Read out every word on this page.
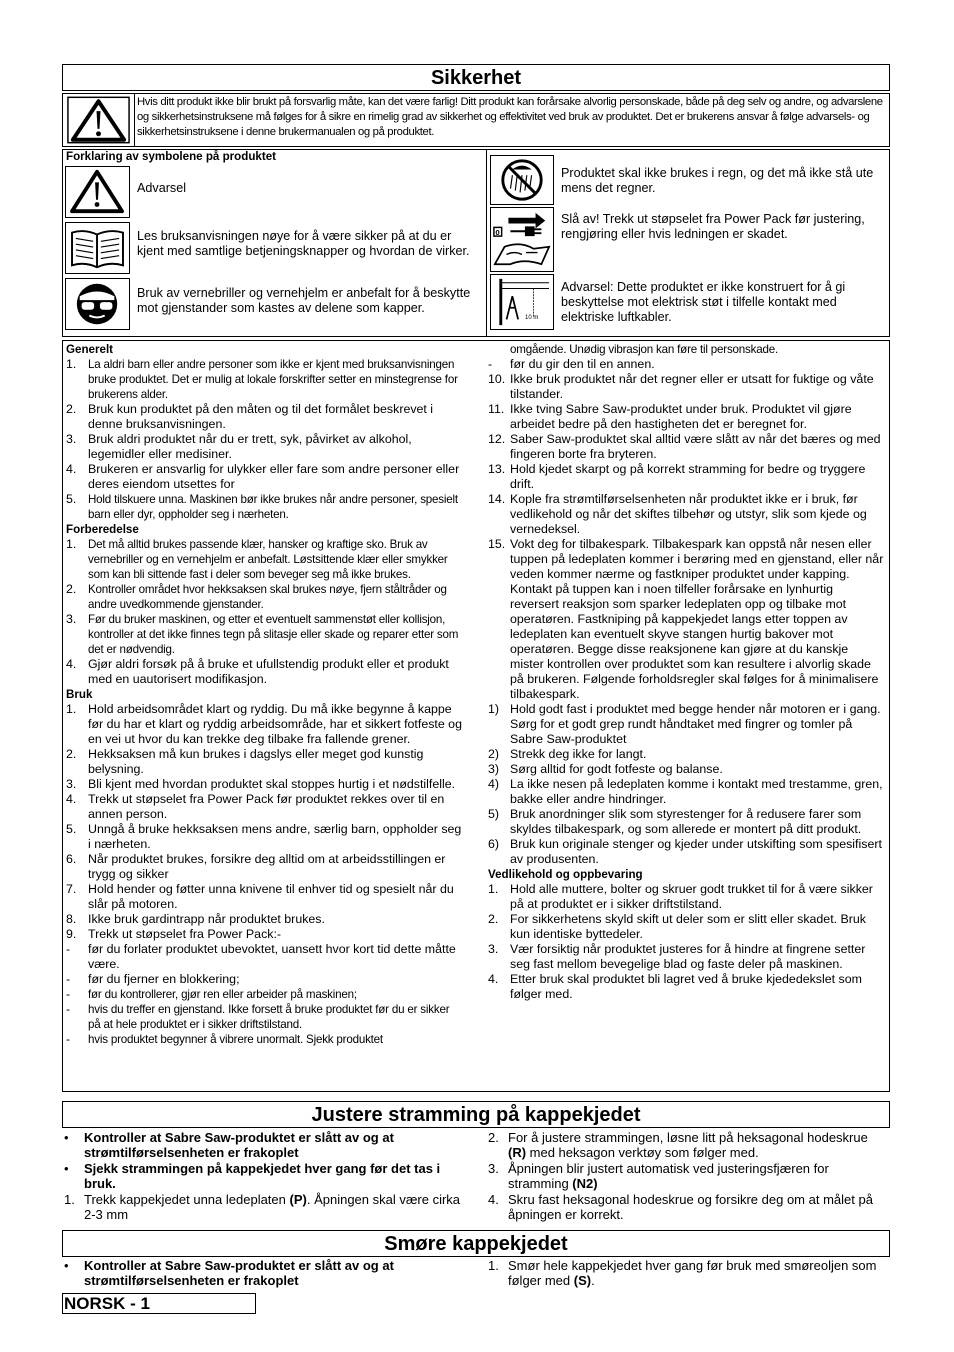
Sikkerhet
Hvis ditt produkt ikke blir brukt på forsvarlig måte, kan det være farlig! Ditt produkt kan forårsake alvorlig personskade, både på deg selv og andre, og advarslene og sikkerhetsinstruksene må følges for å sikre en rimelig grad av sikkerhet og effektivitet ved bruk av produktet. Det er brukerens ansvar å følge advarsels- og sikkerhetsinstruksene i denne brukermanualen og på produktet.
Forklaring av symbolene på produktet
Advarsel
Les bruksanvisningen nøye for å være sikker på at du er kjent med samtlige betjeningsknapper og hvordan de virker.
Bruk av vernebriller og vernehjelm er anbefalt for å beskytte mot gjenstander som kastes av delene som kapper.
Produktet skal ikke brukes i regn, og det må ikke stå ute mens det regner.
0
Slå av! Trekk ut støpselet fra Power Pack før justering, rengjøring eller hvis ledningen er skadet.
10 m
Advarsel: Dette produktet er ikke konstruert for å gi beskyttelse mot elektrisk støt i tilfelle kontakt med elektriske luftkabler.
Generelt
1.	La aldri barn eller andre personer som ikke er kjent med bruksanvisningen bruke produktet. Det er mulig at lokale forskrifter setter en minstegrense for brukerens alder.
2. Bruk kun produktet på den måten og til det formålet beskrevet i denne bruksanvisningen.
3. Bruk aldri produktet når du er trett, syk, påvirket av alkohol, legemidler eller medisiner.
4. Brukeren er ansvarlig for ulykker eller fare som andre personer eller deres eiendom utsettes for
5.	Hold tilskuere unna. Maskinen bør ikke brukes når andre personer, spesielt barn eller dyr, oppholder seg i nærheten.
Forberedelse
1.	Det må alltid brukes passende klær, hansker og kraftige sko. Bruk av vernebriller og en vernehjelm er anbefalt. Løstsittende klær eller smykker som kan bli sittende fast i deler som beveger seg må ikke brukes.
2.	Kontroller området hvor hekksaksen skal brukes nøye, fjern ståltråder og andre uvedkommende gjenstander.
3.	Før du bruker maskinen, og etter et eventuelt sammenstøt eller kollisjon, kontroller at det ikke finnes tegn på slitasje eller skade og reparer etter som det er nødvendig.
4. Gjør aldri forsøk på å bruke et ufullstendig produkt eller et produkt med en uautorisert modifikasjon.
Bruk
1. Hold arbeidsområdet klart og ryddig. Du må ikke begynne å kappe før du har et klart og ryddig arbeidsområde, har et sikkert fotfeste og en vei ut hvor du kan trekke deg tilbake fra fallende grener.
2. Hekksaksen må kun brukes i dagslys eller meget god kunstig belysning.
3. Bli kjent med hvordan produktet skal stoppes hurtig i et nødstilfelle.
4. Trekk ut støpselet fra Power Pack før produktet rekkes over til en annen person.
5. Unngå å bruke hekksaksen mens andre, særlig barn, oppholder seg i nærheten.
6. Når produktet brukes, forsikre deg alltid om at arbeidsstillingen er trygg og sikker
7. Hold hender og føtter unna knivene til enhver tid og spesielt når du slår på motoren.
8. Ikke bruk gardintrapp når produktet brukes.
9. Trekk ut støpselet fra Power Pack:-
-	før du forlater produktet ubevoktet, uansett hvor kort tid dette måtte være.
-	før du fjerner en blokkering;
-	før du kontrollerer, gjør ren eller arbeider på maskinen;
-	hvis du treffer en gjenstand. Ikke forsett å bruke produktet før du er sikker på at hele produktet er i sikker driftstilstand.
-	hvis produktet begynner å vibrere unormalt. Sjekk produktet
omgående. Unødig vibrasjon kan føre til personskade.
-	før du gir den til en annen.
10. Ikke bruk produktet når det regner eller er utsatt for fuktige og våte tilstander.
11. Ikke tving Sabre Saw-produktet under bruk. Produktet vil gjøre arbeidet bedre på den hastigheten det er beregnet for.
12. Saber Saw-produktet skal alltid være slått av når det bæres og med fingeren borte fra bryteren.
13. Hold kjedet skarpt og på korrekt stramming for bedre og tryggere drift.
14. Kople fra strømtilførselsenheten når produktet ikke er i bruk, før vedlikehold og når det skiftes tilbehør og utstyr, slik som kjede og vernedeksel.
15. Vokt deg for tilbakespark. Tilbakespark kan oppstå når nesen eller tuppen på ledeplaten kommer i berøring med en gjenstand, eller når veden kommer nærme og fastkniper produktet under kapping. Kontakt på tuppen kan i noen tilfeller forårsake en lynhurtig reversert reaksjon som sparker ledeplaten opp og tilbake mot operatøren. Fastkniping på kappekjedet langs etter toppen av ledeplaten kan eventuelt skyve stangen hurtig bakover mot operatøren. Begge disse reaksjonene kan gjøre at du kanskje mister kontrollen over produktet som kan resultere i alvorlig skade på brukeren. Følgende forholdsregler skal følges for å minimalisere tilbakespark.
1) Hold godt fast i produktet med begge hender når motoren er i gang. Sørg for et godt grep rundt håndtaket med fingrer og tomler på Sabre Saw-produktet
2) Strekk deg ikke for langt.
3) Sørg alltid for godt fotfeste og balanse.
4) La ikke nesen på ledeplaten komme i kontakt med trestamme, gren, bakke eller andre hindringer.
5) Bruk anordninger slik som styrestenger for å redusere farer som skyldes tilbakespark, og som allerede er montert på ditt produkt.
6) Bruk kun originale stenger og kjeder under utskifting som spesifisert av produsenten.
Vedlikehold og oppbevaring
1. Hold alle muttere, bolter og skruer godt trukket til for å være sikker på at produktet er i sikker driftstilstand.
2. For sikkerhetens skyld skift ut deler som er slitt eller skadet. Bruk kun identiske byttedeler.
3. Vær forsiktig når produktet justeres for å hindre at fingrene setter seg fast mellom bevegelige blad og faste deler på maskinen.
4. Etter bruk skal produktet bli lagret ved å bruke kjededekslet som følger med.
Justere stramming på kappekjedet
•	Kontroller at Sabre Saw-produktet er slått av og at strømtilførselsenheten er frakoplet
•	Sjekk strammingen på kappekjedet hver gang før det tas i bruk.
1. Trekk kappekjedet unna ledeplaten (P). Åpningen skal være cirka 2-3 mm
2. For å justere strammingen, løsne litt på heksagonal hodeskrue (R) med heksagon verktøy som følger med.
3. Åpningen blir justert automatisk ved justeringsfjæren for stramming (N2)
4. Skru fast heksagonal hodeskrue og forsikre deg om at målet på åpningen er korrekt.
Smøre kappekjedet
•	Kontroller at Sabre Saw-produktet er slått av og at strømtilførselsenheten er frakoplet
1. Smør hele kappekjedet hver gang før bruk med smøreoljen som følger med (S).
NORSK - 1
